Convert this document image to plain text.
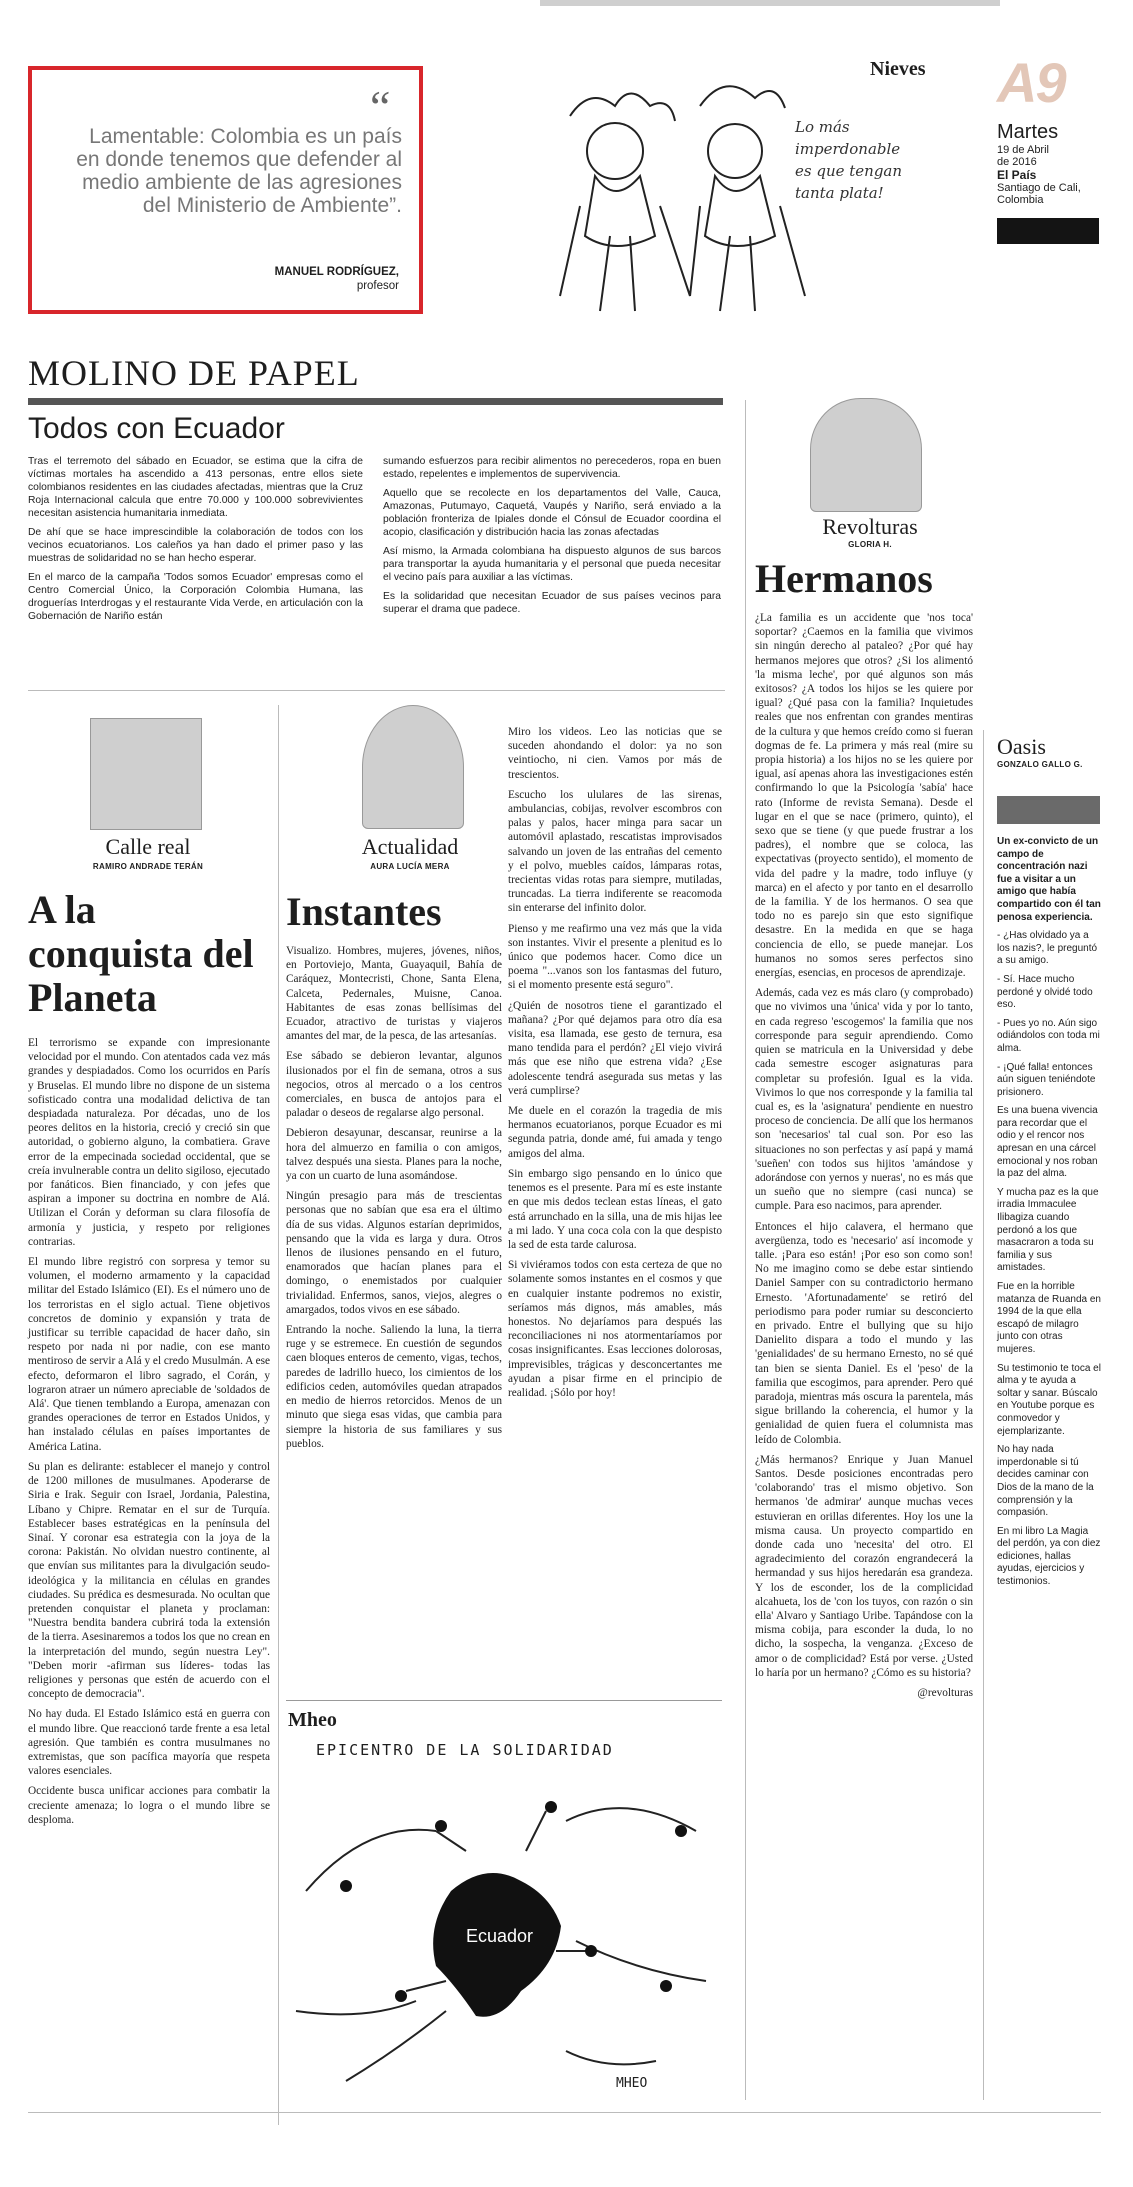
“
Lamentable: Colombia es un país en donde tenemos que defender al medio ambiente de las agresiones del Ministerio de Ambiente”.
MANUEL RODRÍGUEZ,
profesor
Nieves
Lo más imperdonable es que tengan tanta plata!
A9
Martes
19 de Abril
de 2016
El País
Santiago de Cali,
Colombia
MOLINO DE PAPEL
Todos con Ecuador

Tras el terremoto del sábado en Ecuador, se estima que la cifra de víctimas mortales ha ascendido a 413 personas, entre ellos siete colombianos residentes en las ciudades afectadas, mientras que la Cruz Roja Internacional calcula que entre 70.000 y 100.000 sobrevivientes necesitan asistencia humanitaria inmediata.

De ahí que se hace imprescindible la colaboración de todos con los vecinos ecuatorianos. Los caleños ya han dado el primer paso y las muestras de solidaridad no se han hecho esperar.

En el marco de la campaña 'Todos somos Ecuador' empresas como el Centro Comercial Único, la Corporación Colombia Humana, las droguerías Interdrogas y el restaurante Vida Verde, en articulación con la Gobernación de Nariño están

sumando esfuerzos para recibir alimentos no perecederos, ropa en buen estado, repelentes e implementos de supervivencia.

Aquello que se recolecte en los departamentos del Valle, Cauca, Amazonas, Putumayo, Caquetá, Vaupés y Nariño, será enviado a la población fronteriza de Ipiales donde el Cónsul de Ecuador coordina el acopio, clasificación y distribución hacia las zonas afectadas

Así mismo, la Armada colombiana ha dispuesto algunos de sus barcos para transportar la ayuda humanitaria y el personal que pueda necesitar el vecino país para auxiliar a las víctimas.

Es la solidaridad que necesitan Ecuador de sus países vecinos para superar el drama que padece.

Calle real
RAMIRO ANDRADE TERÁN
A la conquista del Planeta

El terrorismo se expande con impresionante velocidad por el mundo. Con atentados cada vez más grandes y despiadados. Como los ocurridos en París y Bruselas. El mundo libre no dispone de un sistema sofisticado contra una modalidad delictiva de tan despiadada naturaleza. Por décadas, uno de los peores delitos en la historia, creció y creció sin que autoridad, o gobierno alguno, la combatiera. Grave error de la empecinada sociedad occidental, que se creía invulnerable contra un delito sigiloso, ejecutado por fanáticos. Bien financiado, y con jefes que aspiran a imponer su doctrina en nombre de Alá. Utilizan el Corán y deforman su clara filosofía de armonía y justicia, y respeto por religiones contrarias.

El mundo libre registró con sorpresa y temor su volumen, el moderno armamento y la capacidad militar del Estado Islámico (EI). Es el número uno de los terroristas en el siglo actual. Tiene objetivos concretos de dominio y expansión y trata de justificar su terrible capacidad de hacer daño, sin respeto por nada ni por nadie, con ese manto mentiroso de servir a Alá y el credo Musulmán. A ese efecto, deformaron el libro sagrado, el Corán, y lograron atraer un número apreciable de 'soldados de Alá'. Que tienen temblando a Europa, amenazan con grandes operaciones de terror en Estados Unidos, y han instalado células en países importantes de América Latina.

Su plan es delirante: establecer el manejo y control de 1200 millones de musulmanes. Apoderarse de Siria e Irak. Seguir con Israel, Jordania, Palestina, Líbano y Chipre. Rematar en el sur de Turquía. Establecer bases estratégicas en la península del Sinaí. Y coronar esa estrategia con la joya de la corona: Pakistán. No olvidan nuestro continente, al que envían sus militantes para la divulgación seudo-ideológica y la militancia en células en grandes ciudades. Su prédica es desmesurada. No ocultan que pretenden conquistar el planeta y proclaman: "Nuestra bendita bandera cubrirá toda la extensión de la tierra. Asesinaremos a todos los que no crean en la interpretación del mundo, según nuestra Ley". "Deben morir -afirman sus líderes- todas las religiones y personas que estén de acuerdo con el concepto de democracia".

No hay duda. El Estado Islámico está en guerra con el mundo libre. Que reaccionó tarde frente a esa letal agresión. Que también es contra musulmanes no extremistas, que son pacífica mayoría que respeta valores esenciales.

Occidente busca unificar acciones para combatir la creciente amenaza; lo logra o el mundo libre se desploma.

Actualidad
AURA LUCÍA MERA
Instantes

Visualizo. Hombres, mujeres, jóvenes, niños, en Portoviejo, Manta, Guayaquil, Bahía de Caráquez, Montecristi, Chone, Santa Elena, Calceta, Pedernales, Muisne, Canoa. Habitantes de esas zonas bellísimas del Ecuador, atractivo de turistas y viajeros amantes del mar, de la pesca, de las artesanías.

Ese sábado se debieron levantar, algunos ilusionados por el fin de semana, otros a sus negocios, otros al mercado o a los centros comerciales, en busca de antojos para el paladar o deseos de regalarse algo personal.

Debieron desayunar, descansar, reunirse a la hora del almuerzo en familia o con amigos, talvez después una siesta. Planes para la noche, ya con un cuarto de luna asomándose.

Ningún presagio para más de trescientas personas que no sabían que esa era el último día de sus vidas. Algunos estarían deprimidos, pensando que la vida es larga y dura. Otros llenos de ilusiones pensando en el futuro, enamorados que hacían planes para el domingo, o enemistados por cualquier trivialidad. Enfermos, sanos, viejos, alegres o amargados, todos vivos en ese sábado.

Entrando la noche. Saliendo la luna, la tierra ruge y se estremece. En cuestión de segundos caen bloques enteros de cemento, vigas, techos, paredes de ladrillo hueco, los cimientos de los edificios ceden, automóviles quedan atrapados en medio de hierros retorcidos. Menos de un minuto que siega esas vidas, que cambia para siempre la historia de sus familiares y sus pueblos.

Miro los videos. Leo las noticias que se suceden ahondando el dolor: ya no son veintiocho, ni cien. Vamos por más de trescientos.

Escucho los ululares de las sirenas, ambulancias, cobijas, revolver escombros con palas y palos, hacer minga para sacar un automóvil aplastado, rescatistas improvisados salvando un joven de las entrañas del cemento y el polvo, muebles caídos, lámparas rotas, trecientas vidas rotas para siempre, mutiladas, truncadas. La tierra indiferente se reacomoda sin enterarse del infinito dolor.

Pienso y me reafirmo una vez más que la vida son instantes. Vivir el presente a plenitud es lo único que podemos hacer. Como dice un poema "...vanos son los fantasmas del futuro, si el momento presente está seguro".

¿Quién de nosotros tiene el garantizado el mañana? ¿Por qué dejamos para otro día esa visita, esa llamada, ese gesto de ternura, esa mano tendida para el perdón? ¿El viejo vivirá más que ese niño que estrena vida? ¿Ese adolescente tendrá asegurada sus metas y las verá cumplirse?

Me duele en el corazón la tragedia de mis hermanos ecuatorianos, porque Ecuador es mi segunda patria, donde amé, fui amada y tengo amigos del alma.

Sin embargo sigo pensando en lo único que tenemos es el presente. Para mí es este instante en que mis dedos teclean estas líneas, el gato está arrunchado en la silla, una de mis hijas lee a mi lado. Y una coca cola con la que despisto la sed de esta tarde calurosa.

Si viviéramos todos con esta certeza de que no solamente somos instantes en el cosmos y que en cualquier instante podremos no existir, seríamos más dignos, más amables, más honestos. No dejaríamos para después las reconciliaciones ni nos atormentaríamos por cosas insignificantes. Esas lecciones dolorosas, imprevisibles, trágicas y desconcertantes me ayudan a pisar firme en el principio de realidad. ¡Sólo por hoy!

Mheo
EPICENTRO DE LA SOLIDARIDAD
Ecuador
MHEO
Revolturas
GLORIA H.
Hermanos

¿La familia es un accidente que 'nos toca' soportar? ¿Caemos en la familia que vivimos sin ningún derecho al pataleo? ¿Por qué hay hermanos mejores que otros? ¿Si los alimentó 'la misma leche', por qué algunos son más exitosos? ¿A todos los hijos se les quiere por igual? ¿Qué pasa con la familia? Inquietudes reales que nos enfrentan con grandes mentiras de la cultura y que hemos creído como si fueran dogmas de fe. La primera y más real (mire su propia historia) a los hijos no se les quiere por igual, así apenas ahora las investigaciones estén confirmando lo que la Psicología 'sabía' hace rato (Informe de revista Semana). Desde el lugar en el que se nace (primero, quinto), el sexo que se tiene (y que puede frustrar a los padres), el nombre que se coloca, las expectativas (proyecto sentido), el momento de vida del padre y la madre, todo influye (y marca) en el afecto y por tanto en el desarrollo de la familia. Y de los hermanos. O sea que todo no es parejo sin que esto signifique desastre. En la medida en que se haga conciencia de ello, se puede manejar. Los humanos no somos seres perfectos sino energías, esencias, en procesos de aprendizaje.

Además, cada vez es más claro (y comprobado) que no vivimos una 'única' vida y por lo tanto, en cada regreso 'escogemos' la familia que nos corresponde para seguir aprendiendo. Como quien se matricula en la Universidad y debe cada semestre escoger asignaturas para completar su profesión. Igual es la vida. Vivimos lo que nos corresponde y la familia tal cual es, es la 'asignatura' pendiente en nuestro proceso de conciencia. De allí que los hermanos son 'necesarios' tal cual son. Por eso las situaciones no son perfectas y así papá y mamá 'sueñen' con todos sus hijitos 'amándose y adorándose con yernos y nueras', no es más que un sueño que no siempre (casi nunca) se cumple. Para eso nacimos, para aprender.

Entonces el hijo calavera, el hermano que avergüenza, todo es 'necesario' así incomode y talle. ¡Para eso están! ¡Por eso son como son! No me imagino como se debe estar sintiendo Daniel Samper con su contradictorio hermano Ernesto. 'Afortunadamente' se retiró del periodismo para poder rumiar su desconcierto en privado. Entre el bullying que su hijo Danielito dispara a todo el mundo y las 'genialidades' de su hermano Ernesto, no sé qué tan bien se sienta Daniel. Es el 'peso' de la familia que escogimos, para aprender. Pero qué paradoja, mientras más oscura la parentela, más sigue brillando la coherencia, el humor y la genialidad de quien fuera el columnista mas leído de Colombia.

¿Más hermanos? Enrique y Juan Manuel Santos. Desde posiciones encontradas pero 'colaborando' tras el mismo objetivo. Son hermanos 'de admirar' aunque muchas veces estuvieran en orillas diferentes. Hoy los une la misma causa. Un proyecto compartido en donde cada uno 'necesita' del otro. El agradecimiento del corazón engrandecerá la hermandad y sus hijos heredarán esa grandeza. Y los de esconder, los de la complicidad alcahueta, los de 'con los tuyos, con razón o sin ella' Alvaro y Santiago Uribe. Tapándose con la misma cobija, para esconder la duda, lo no dicho, la sospecha, la venganza. ¿Exceso de amor o de complicidad? Está por verse. ¿Usted lo haría por un hermano? ¿Cómo es su historia?

@revolturas

Oasis
GONZALO GALLO G.

Un ex-convicto de un campo de concentración nazi fue a visitar a un amigo que había compartido con él tan penosa experiencia.

- ¿Has olvidado ya a los nazis?, le preguntó a su amigo.

- Sí. Hace mucho perdoné y olvidé todo eso.

- Pues yo no. Aún sigo odiándolos con toda mi alma.

- ¡Qué falla! entonces aún siguen teniéndote prisionero.

Es una buena vivencia para recordar que el odio y el rencor nos apresan en una cárcel emocional y nos roban la paz del alma.

Y mucha paz es la que irradia Immaculee Ilibagiza cuando perdonó a los que masacraron a toda su familia y sus amistades.

Fue en la horrible matanza de Ruanda en 1994 de la que ella escapó de milagro junto con otras mujeres.

Su testimonio te toca el alma y te ayuda a soltar y sanar. Búscalo en Youtube porque es conmovedor y ejemplarizante.

No hay nada imperdonable si tú decides caminar con Dios de la mano de la comprensión y la compasión.

En mi libro La Magia del perdón, ya con diez ediciones, hallas ayudas, ejercicios y testimonios.
